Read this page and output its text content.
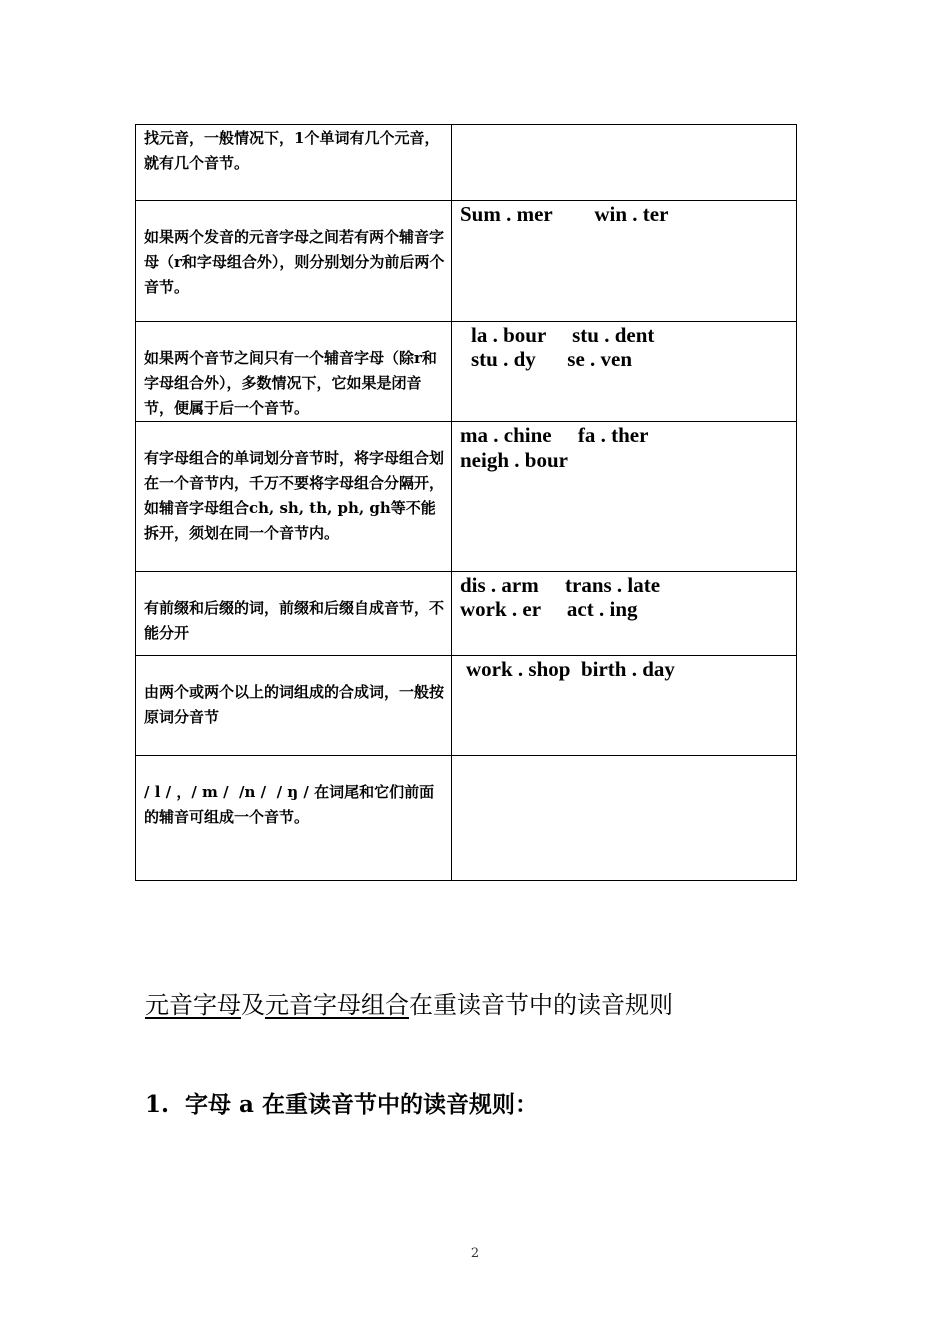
找元音，一般情况下，1个单词有几个元音，就有几个音节。	

如果两个发音的元音字母之间若有两个辅音字母（r和字母组合外），则分别划分为前后两个音节。	Sum . mer        win . ter

如果两个音节之间只有一个辅音字母（除r和字母组合外），多数情况下，它如果是闭音节，便属于后一个音节。	la . bour     stu . dent
stu . dy      se . ven

有字母组合的单词划分音节时，将字母组合划在一个音节内，千万不要将字母组合分隔开，如辅音字母组合ch, sh, th, ph, gh等不能拆开，须划在同一个音节内。	ma . chine     fa . ther
neigh . bour

有前缀和后缀的词，前缀和后缀自成音节，不能分开	dis . arm     trans . late
work . er     act . ing

由两个或两个以上的词组成的合成词，一般按原词分音节	work . shop  birth . day

/ l / ，/ m /  /n /  / ŋ / 在词尾和它们前面的辅音可组成一个音节。	

元音字母及元音字母组合在重读音节中的读音规则
1.  字母 a 在重读音节中的读音规则：
2
